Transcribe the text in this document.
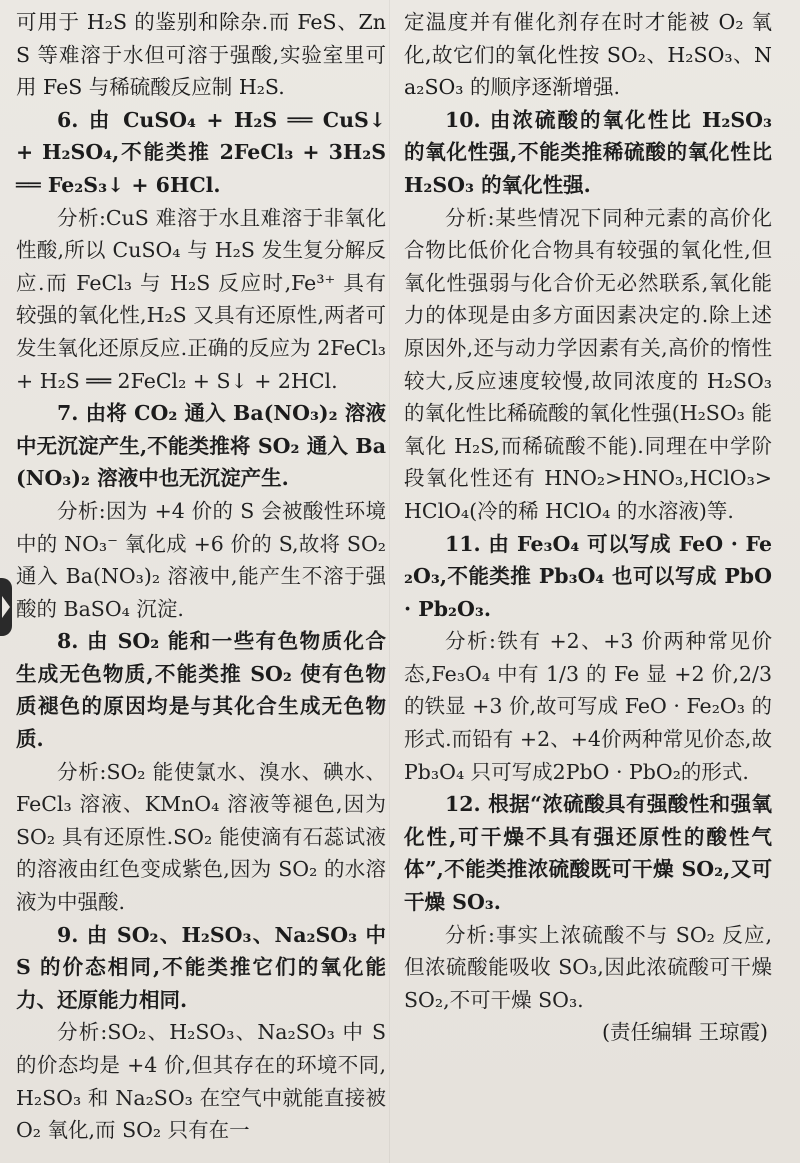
可用于 H₂S 的鉴别和除杂.而 FeS、ZnS 等难溶于水但可溶于强酸,实验室里可用 FeS 与稀硫酸反应制 H₂S.

6. 由 CuSO₄ + H₂S ══ CuS↓ + H₂SO₄,不能类推 2FeCl₃ + 3H₂S ══ Fe₂S₃↓ + 6HCl.

分析:CuS 难溶于水且难溶于非氧化性酸,所以 CuSO₄ 与 H₂S 发生复分解反应.而 FeCl₃ 与 H₂S 反应时,Fe³⁺ 具有较强的氧化性,H₂S 又具有还原性,两者可发生氧化还原反应.正确的反应为 2FeCl₃ + H₂S ══ 2FeCl₂ + S↓ + 2HCl.

7. 由将 CO₂ 通入 Ba(NO₃)₂ 溶液中无沉淀产生,不能类推将 SO₂ 通入 Ba(NO₃)₂ 溶液中也无沉淀产生.

分析:因为 +4 价的 S 会被酸性环境中的 NO₃⁻ 氧化成 +6 价的 S,故将 SO₂ 通入 Ba(NO₃)₂ 溶液中,能产生不溶于强酸的 BaSO₄ 沉淀.

8. 由 SO₂ 能和一些有色物质化合生成无色物质,不能类推 SO₂ 使有色物质褪色的原因均是与其化合生成无色物质.

分析:SO₂ 能使氯水、溴水、碘水、FeCl₃ 溶液、KMnO₄ 溶液等褪色,因为 SO₂ 具有还原性.SO₂ 能使滴有石蕊试液的溶液由红色变成紫色,因为 SO₂ 的水溶液为中强酸.

9. 由 SO₂、H₂SO₃、Na₂SO₃ 中 S 的价态相同,不能类推它们的氧化能力、还原能力相同.

分析:SO₂、H₂SO₃、Na₂SO₃ 中 S 的价态均是 +4 价,但其存在的环境不同,H₂SO₃ 和 Na₂SO₃ 在空气中就能直接被 O₂ 氧化,而 SO₂ 只有在一

定温度并有催化剂存在时才能被 O₂ 氧化,故它们的氧化性按 SO₂、H₂SO₃、Na₂SO₃ 的顺序逐渐增强.

10. 由浓硫酸的氧化性比 H₂SO₃ 的氧化性强,不能类推稀硫酸的氧化性比 H₂SO₃ 的氧化性强.

分析:某些情况下同种元素的高价化合物比低价化合物具有较强的氧化性,但氧化性强弱与化合价无必然联系,氧化能力的体现是由多方面因素决定的.除上述原因外,还与动力学因素有关,高价的惰性较大,反应速度较慢,故同浓度的 H₂SO₃ 的氧化性比稀硫酸的氧化性强(H₂SO₃ 能氧化 H₂S,而稀硫酸不能).同理在中学阶段氧化性还有 HNO₂>HNO₃,HClO₃>HClO₄(冷的稀 HClO₄ 的水溶液)等.

11. 由 Fe₃O₄ 可以写成 FeO · Fe₂O₃,不能类推 Pb₃O₄ 也可以写成 PbO · Pb₂O₃.

分析:铁有 +2、+3 价两种常见价态,Fe₃O₄ 中有 1/3 的 Fe 显 +2 价,2/3 的铁显 +3 价,故可写成 FeO · Fe₂O₃ 的形式.而铅有 +2、+4价两种常见价态,故 Pb₃O₄ 只可写成2PbO · PbO₂的形式.

12. 根据“浓硫酸具有强酸性和强氧化性,可干燥不具有强还原性的酸性气体”,不能类推浓硫酸既可干燥 SO₂,又可干燥 SO₃.

分析:事实上浓硫酸不与 SO₂ 反应,但浓硫酸能吸收 SO₃,因此浓硫酸可干燥 SO₂,不可干燥 SO₃.

(责任编辑 王琼霞)
